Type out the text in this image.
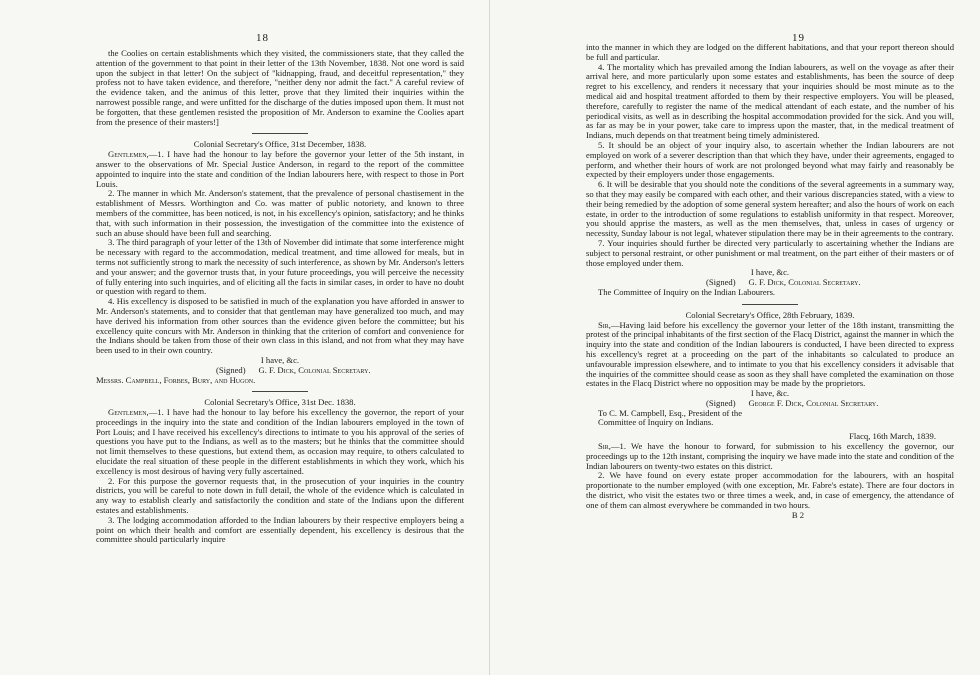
18

the Coolies on certain establishments which they visited, the commissioners state, that they called the attention of the government to that point in their letter of the 13th November, 1838. Not one word is said upon the subject in that letter! On the subject of "kidnapping, fraud, and deceitful representation," they profess not to have taken evidence, and therefore, "neither deny nor admit the fact." A careful review of the evidence taken, and the animus of this letter, prove that they limited their inquiries within the narrowest possible range, and were unfitted for the discharge of the duties imposed upon them. It must not be forgotten, that these gentlemen resisted the proposition of Mr. Anderson to examine the Coolies apart from the presence of their masters!]

Colonial Secretary's Office, 31st December, 1838.

Gentlemen,—1. I have had the honour to lay before the governor your letter of the 5th instant, in answer to the observations of Mr. Special Justice Anderson, in regard to the report of the committee appointed to inquire into the state and condition of the Indian labourers here, with respect to those in Port Louis.

2. The manner in which Mr. Anderson's statement, that the prevalence of personal chastisement in the establishment of Messrs. Worthington and Co. was matter of public notoriety, and known to three members of the committee, has been noticed, is not, in his excellency's opinion, satisfactory; and he thinks that, with such information in their possession, the investigation of the committee into the existence of such an abuse should have been full and searching.

3. The third paragraph of your letter of the 13th of November did intimate that some interference might be necessary with regard to the accommodation, medical treatment, and time allowed for meals, but in terms not sufficiently strong to mark the necessity of such interference, as shown by Mr. Anderson's letters and your answer; and the governor trusts that, in your future proceedings, you will perceive the necessity of fully entering into such inquiries, and of eliciting all the facts in similar cases, in order to have no doubt or question with regard to them.

4. His excellency is disposed to be satisfied in much of the explanation you have afforded in answer to Mr. Anderson's statements, and to consider that that gentleman may have generalized too much, and may have derived his information from other sources than the evidence given before the committee; but his excellency quite concurs with Mr. Anderson in thinking that the criterion of comfort and convenience for the Indians should be taken from those of their own class in this island, and not from what they may have been used to in their own country.

I have, &c.

(Signed) G. F. Dick, Colonial Secretary.

Messrs. Campbell, Forbes, Bury, and Hugon.

Colonial Secretary's Office, 31st Dec. 1838.

Gentlemen,—1. I have had the honour to lay before his excellency the governor, the report of your proceedings in the inquiry into the state and condition of the Indian labourers employed in the town of Port Louis; and I have received his excellency's directions to intimate to you his approval of the series of questions you have put to the Indians, as well as to the masters; but he thinks that the committee should not limit themselves to these questions, but extend them, as occasion may require, to others calculated to elucidate the real situation of these people in the different establishments in which they work, which his excellency is most desirous of having very fully ascertained.

2. For this purpose the governor requests that, in the prosecution of your inquiries in the country districts, you will be careful to note down in full detail, the whole of the evidence which is calculated in any way to establish clearly and satisfactorily the condition and state of the Indians upon the different estates and establishments.

3. The lodging accommodation afforded to the Indian labourers by their respective employers being a point on which their health and comfort are essentially dependent, his excellency is desirous that the committee should particularly inquire

19

into the manner in which they are lodged on the different habitations, and that your report thereon should be full and particular.

4. The mortality which has prevailed among the Indian labourers, as well on the voyage as after their arrival here, and more particularly upon some estates and establishments, has been the source of deep regret to his excellency, and renders it necessary that your inquiries should be most minute as to the medical aid and hospital treatment afforded to them by their respective employers. You will be pleased, therefore, carefully to register the name of the medical attendant of each estate, and the number of his periodical visits, as well as in describing the hospital accommodation provided for the sick. And you will, as far as may be in your power, take care to impress upon the master, that, in the medical treatment of Indians, much depends on that treatment being timely administered.

5. It should be an object of your inquiry also, to ascertain whether the Indian labourers are not employed on work of a severer description than that which they have, under their agreements, engaged to perform, and whether their hours of work are not prolonged beyond what may fairly and reasonably be expected by their employers under those engagements.

6. It will be desirable that you should note the conditions of the several agreements in a summary way, so that they may easily be compared with each other, and their various discrepancies stated, with a view to their being remedied by the adoption of some general system hereafter; and also the hours of work on each estate, in order to the introduction of some regulations to establish uniformity in that respect. Moreover, you should apprise the masters, as well as the men themselves, that, unless in cases of urgency or necessity, Sunday labour is not legal, whatever stipulation there may be in their agreements to the contrary.

7. Your inquiries should further be directed very particularly to ascertaining whether the Indians are subject to personal restraint, or other punishment or mal treatment, on the part either of their masters or of those employed under them.

I have, &c.

(Signed) G. F. Dick, Colonial Secretary.

The Committee of Inquiry on the Indian Labourers.

Colonial Secretary's Office, 28th February, 1839.

Sir,—Having laid before his excellency the governor your letter of the 18th instant, transmitting the protest of the principal inhabitants of the first section of the Flacq District, against the manner in which the inquiry into the state and condition of the Indian labourers is conducted, I have been directed to express his excellency's regret at a proceeding on the part of the inhabitants so calculated to produce an unfavourable impression elsewhere, and to intimate to you that his excellency considers it advisable that the inquiries of the committee should cease as soon as they shall have completed the examination on those estates in the Flacq District where no opposition may be made by the proprietors.

I have, &c.

(Signed) George F. Dick, Colonial Secretary.

To C. M. Campbell, Esq., President of the

Committee of Inquiry on Indians.

Flacq, 16th March, 1839.

Sir,—1. We have the honour to forward, for submission to his excellency the governor, our proceedings up to the 12th instant, comprising the inquiry we have made into the state and condition of the Indian labourers on twenty-two estates on this district.

2. We have found on every estate proper accommodation for the labourers, with an hospital proportionate to the number employed (with one exception, Mr. Fabre's estate). There are four doctors in the district, who visit the estates two or three times a week, and, in case of emergency, the attendance of one of them can almost everywhere be commanded in two hours.

B 2
